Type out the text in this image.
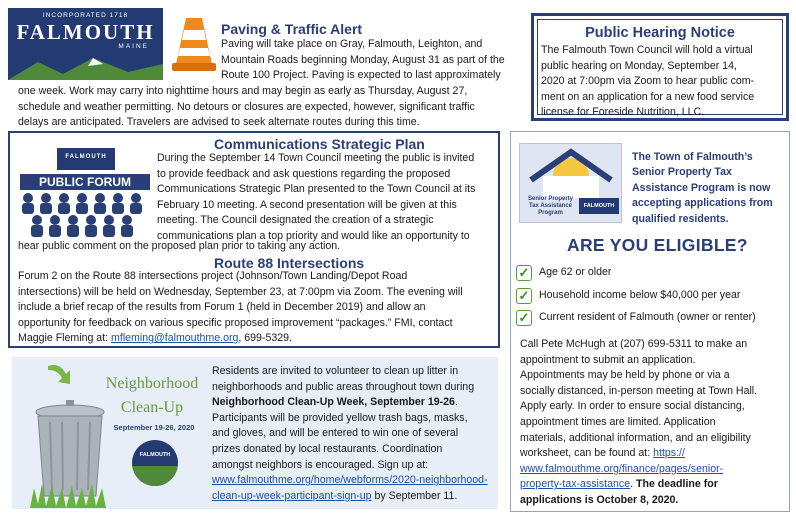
INCORPORATED 1718
FALMOUTH
MAINE
Paving & Traffic Alert
Paving will take place on Gray, Falmouth, Leighton, and
Mountain Roads beginning Monday, August 31 as part of the
Route 100 Project. Paving is expected to last approximately
one week. Work may carry into nighttime hours and may begin as early as Thursday, August 27,
schedule and weather permitting. No detours or closures are expected, however, significant traffic
delays are anticipated. Travelers are advised to seek alternate routes during this time.
Public Hearing Notice
The Falmouth Town Council will hold a virtual
public hearing on Monday, September 14,
2020 at 7:00pm via Zoom to hear public com-
ment on an application for a new food service
license for Foreside Nutrition, LLC.
Communications Strategic Plan
FALMOUTH
PUBLIC FORUM
During the September 14 Town Council meeting the public is invited
to provide feedback and ask questions regarding the proposed
Communications Strategic Plan presented to the Town Council at its
February 10 meeting. A second presentation will be given at this
meeting. The Council designated the creation of a strategic
communications plan a top priority and would like an opportunity to
hear public comment on the proposed plan prior to taking any action.
Route 88 Intersections
Forum 2 on the Route 88 intersections project (Johnson/Town Landing/Depot Road
intersections) will be held on Wednesday, September 23, at 7:00pm via Zoom. The evening will
include a brief recap of the results from Forum 1 (held in December 2019) and allow an
opportunity for feedback on various specific proposed improvement “packages.” FMI, contact
Maggie Fleming at: mfleming@falmouthme.org, 699-5329.
Senior Property
Tax Assistance
Program
FALMOUTH
The Town of Falmouth’s
Senior Property Tax
Assistance Program is now
accepting applications from
qualified residents.
ARE YOU ELIGIBLE?
✓ Age 62 or older
✓ Household income below $40,000 per year
✓ Current resident of Falmouth (owner or renter)
Call Pete McHugh at (207) 699-5311 to make an
appointment to submit an application.
Appointments may be held by phone or via a
socially distanced, in-person meeting at Town Hall.
Apply early. In order to ensure social distancing,
appointment times are limited. Application
materials, additional information, and an eligibility
worksheet, can be found at: https://
www.falmouthme.org/finance/pages/senior-
property-tax-assistance. The deadline for
applications is October 8, 2020.
Neighborhood
Clean-Up
September 19-26, 2020
FALMOUTH
Residents are invited to volunteer to clean up litter in
neighborhoods and public areas throughout town during
Neighborhood Clean-Up Week, September 19-26.
Participants will be provided yellow trash bags, masks,
and gloves, and will be entered to win one of several
prizes donated by local restaurants. Coordination
amongst neighbors is encouraged. Sign up at:
www.falmouthme.org/home/webforms/2020-neighborhood-
clean-up-week-participant-sign-up by September 11.
